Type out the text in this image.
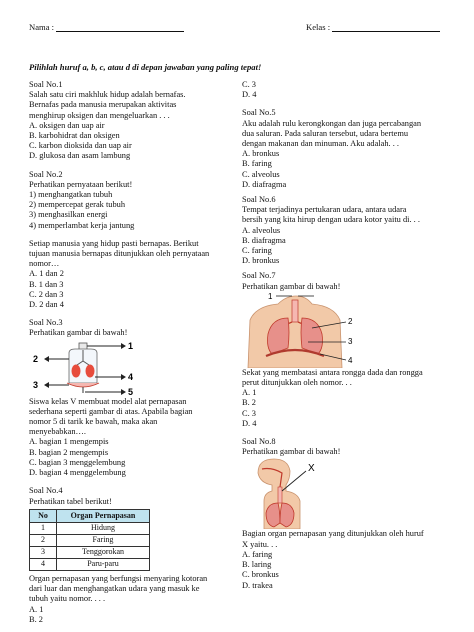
Nama :	Kelas :
Pilihlah huruf a, b, c, atau d di depan jawaban yang paling tepat!

Soal No.1

Salah satu ciri makhluk hidup adalah bernafas.

Bernafas pada manusia merupakan aktivitas

menghirup oksigen dan mengeluarkan . . .

A. oksigen dan uap air

B. karbohidrat dan oksigen

C. karbon dioksida dan uap air

D. glukosa dan asam lambung

Soal No.2

Perhatikan pernyataan berikut!

1) menghangatkan tubuh

2) mempercepat gerak tubuh

3) menghasilkan energi

4) memperlambat kerja jantung

Setiap manusia yang hidup pasti bernapas. Berikut

tujuan manusia bernapas ditunjukkan oleh pernyataan

nomor…

A. 1 dan 2

B. 1 dan 3

C. 2 dan 3

D. 2 dan 4

Soal No.3

Perhatikan gambar di bawah!

1
2
3
4
5

Siswa kelas V membuat model alat pernapasan

sederhana seperti gambar di atas. Apabila bagian

nomor 5 di tarik ke bawah, maka akan

menyebabkan….

A. bagian 1 mengempis

B. bagian 2 mengempis

C. bagian 3 menggelembung

D. bagian 4 menggelembung

Soal No.4

Perhatikan tabel berikut!

No	Organ Pernapasan
1	Hidung
2	Faring
3	Tenggorokan
4	Paru-paru

Organ pernapasan yang berfungsi menyaring kotoran

dari luar dan menghangatkan udara yang masuk ke

tubuh yaitu nomor. . . .

A. 1

B. 2

C. 3

D. 4

Soal No.5

Aku adalah rulu kerongkongan dan juga percabangan

dua saluran. Pada saluran tersebut, udara bertemu

dengan makanan dan minuman. Aku adalah. . .

A. bronkus

B. faring

C. alveolus

D. diafragma

Soal No.6

Tempat terjadinya pertukaran udara, antara udara

bersih yang kita hirup dengan udara kotor yaitu di. . .

A. alveolus

B. diafragma

C. faring

D. bronkus

Soal No.7

Perhatikan gambar di bawah!

1
2
3
4

Sekat yang membatasi antara rongga dada dan rongga

perut ditunjukkan oleh nomor. . .

A. 1

B. 2

C. 3

D. 4

Soal No.8

Perhatikan gambar di bawah!

X

Bagian organ pernapasan yang ditunjukkan oleh huruf

X yaitu. . .

A. faring

B. laring

C. bronkus

D. trakea
